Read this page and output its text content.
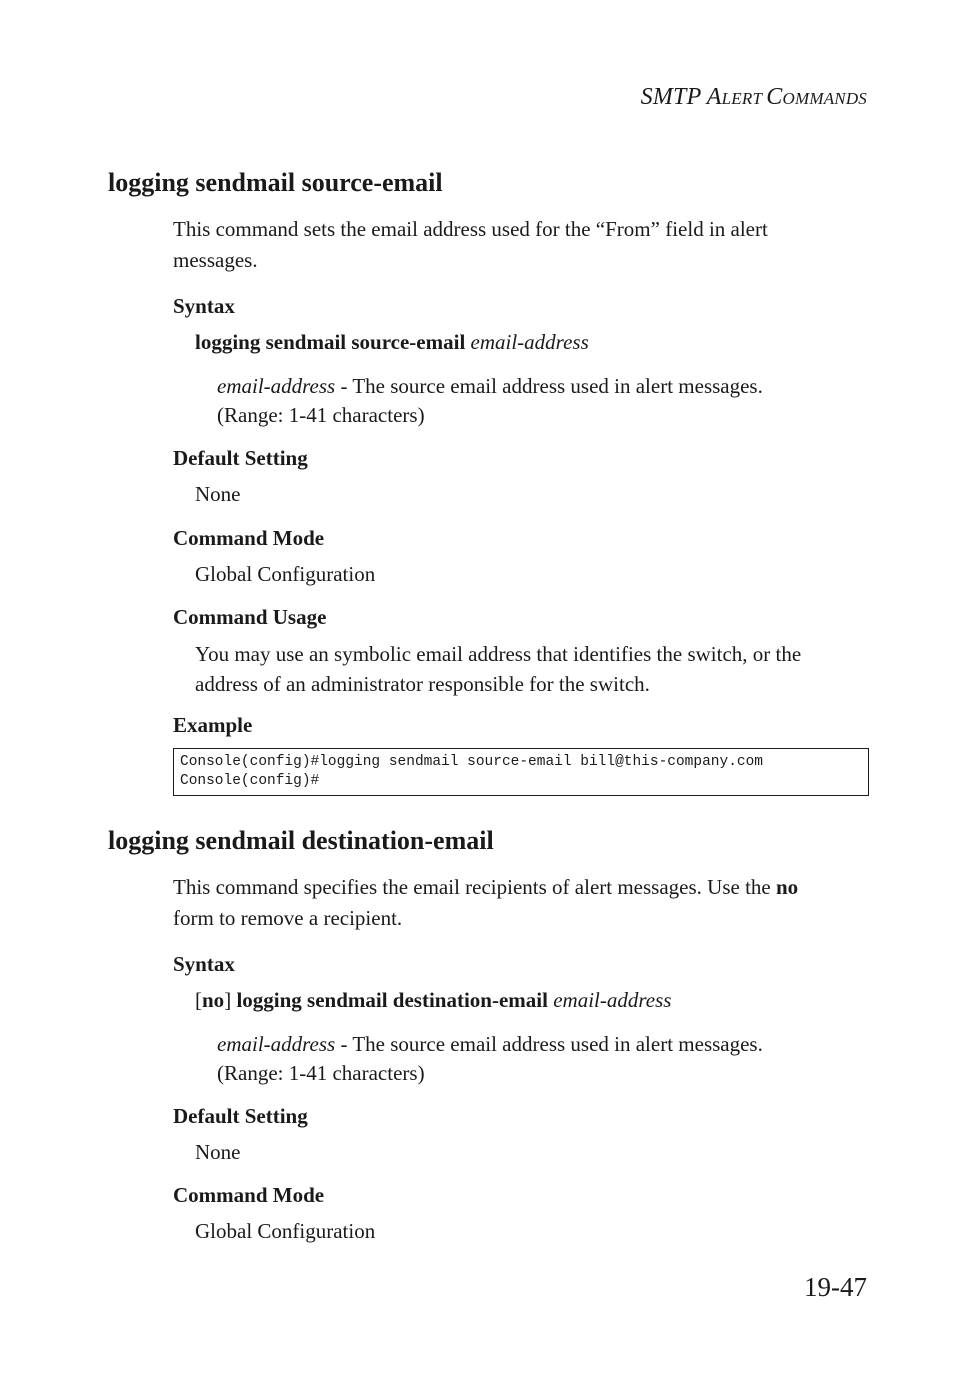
SMTP ALERT COMMANDS
logging sendmail source-email
This command sets the email address used for the “From” field in alert
messages.
Syntax
logging sendmail source-email email-address
email-address - The source email address used in alert messages.
(Range: 1-41 characters)
Default Setting
None
Command Mode
Global Configuration
Command Usage
You may use an symbolic email address that identifies the switch, or the
address of an administrator responsible for the switch.
Example
Console(config)#logging sendmail source-email bill@this-company.com
Console(config)#
logging sendmail destination-email
This command specifies the email recipients of alert messages. Use the no
form to remove a recipient.
Syntax
[no] logging sendmail destination-email email-address
email-address - The source email address used in alert messages.
(Range: 1-41 characters)
Default Setting
None
Command Mode
Global Configuration
19-47
